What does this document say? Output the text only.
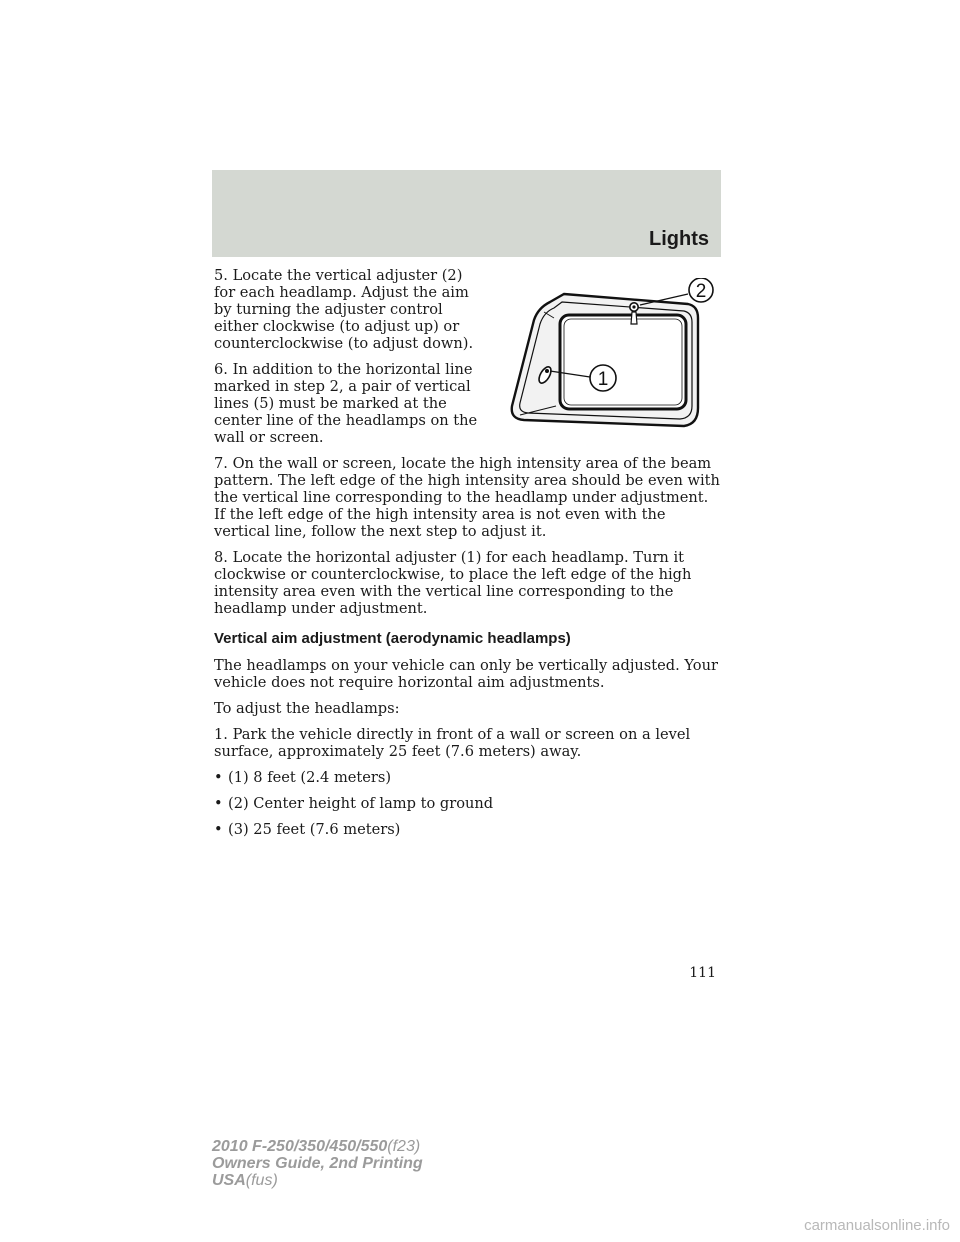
Lights
1
2

5. Locate the vertical adjuster (2) for each headlamp. Adjust the aim by turning the adjuster control either clockwise (to adjust up) or counterclockwise (to adjust down).

6. In addition to the horizontal line marked in step 2, a pair of vertical lines (5) must be marked at the center line of the headlamps on the wall or screen.

7. On the wall or screen, locate the high intensity area of the beam pattern. The left edge of the high intensity area should be even with the vertical line corresponding to the headlamp under adjustment. If the left edge of the high intensity area is not even with the vertical line, follow the next step to adjust it.

8. Locate the horizontal adjuster (1) for each headlamp. Turn it clockwise or counterclockwise, to place the left edge of the high intensity area even with the vertical line corresponding to the headlamp under adjustment.

Vertical aim adjustment (aerodynamic headlamps)

The headlamps on your vehicle can only be vertically adjusted. Your vehicle does not require horizontal aim adjustments.

To adjust the headlamps:

1. Park the vehicle directly in front of a wall or screen on a level surface, approximately 25 feet (7.6 meters) away.

• (1) 8 feet (2.4 meters)
• (2) Center height of lamp to ground
• (3) 25 feet (7.6 meters)
111
2010 F-250/350/450/550(f23)
Owners Guide, 2nd Printing
USA(fus)
carmanualsonline.info
